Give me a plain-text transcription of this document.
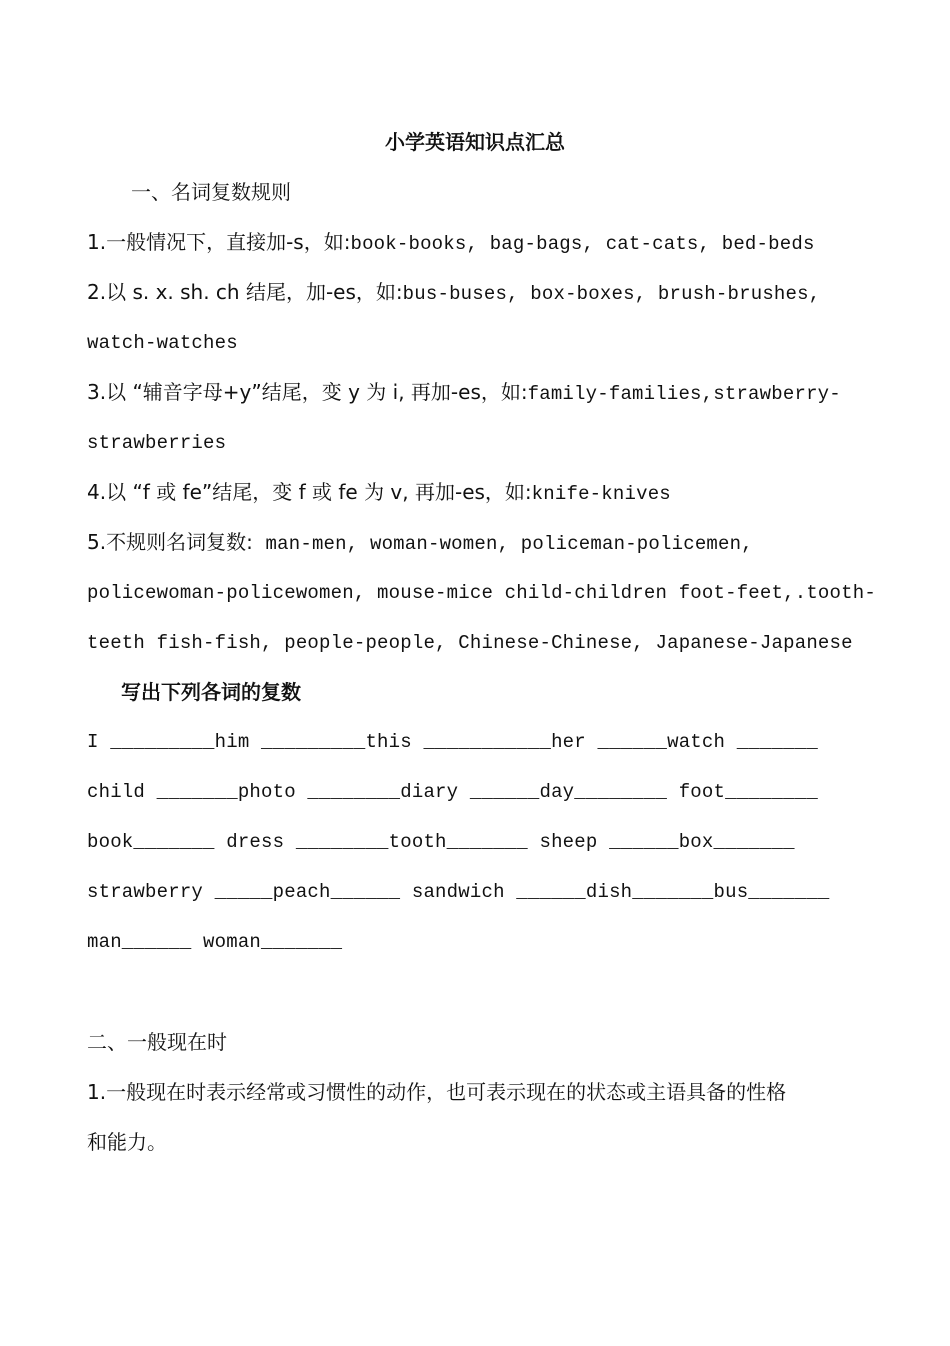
小学英语知识点汇总
一、名词复数规则
1.一般情况下，直接加-s，如:book-books, bag-bags, cat-cats, bed-beds
2.以 s. x. sh. ch 结尾，加-es，如:bus-buses, box-boxes, brush-brushes,
watch-watches
3.以 “辅音字母+y”结尾，变 y 为 i, 再加-es，如:family-families,strawberry-
strawberries
4.以 “f 或 fe”结尾，变 f 或 fe 为 v, 再加-es，如:knife-knives
5.不规则名词复数:  man-men, woman-women, policeman-policemen,
policewoman-policewomen, mouse-mice child-children foot-feet,.tooth-
teeth fish-fish, people-people, Chinese-Chinese, Japanese-Japanese
写出下列各词的复数
I _________him _________this ___________her ______watch _______
child _______photo ________diary ______day________ foot________
book_______ dress ________tooth_______ sheep ______box_______
strawberry _____peach______ sandwich ______dish_______bus_______
man______ woman_______
二、一般现在时
1.一般现在时表示经常或习惯性的动作，也可表示现在的状态或主语具备的性格
和能力。
